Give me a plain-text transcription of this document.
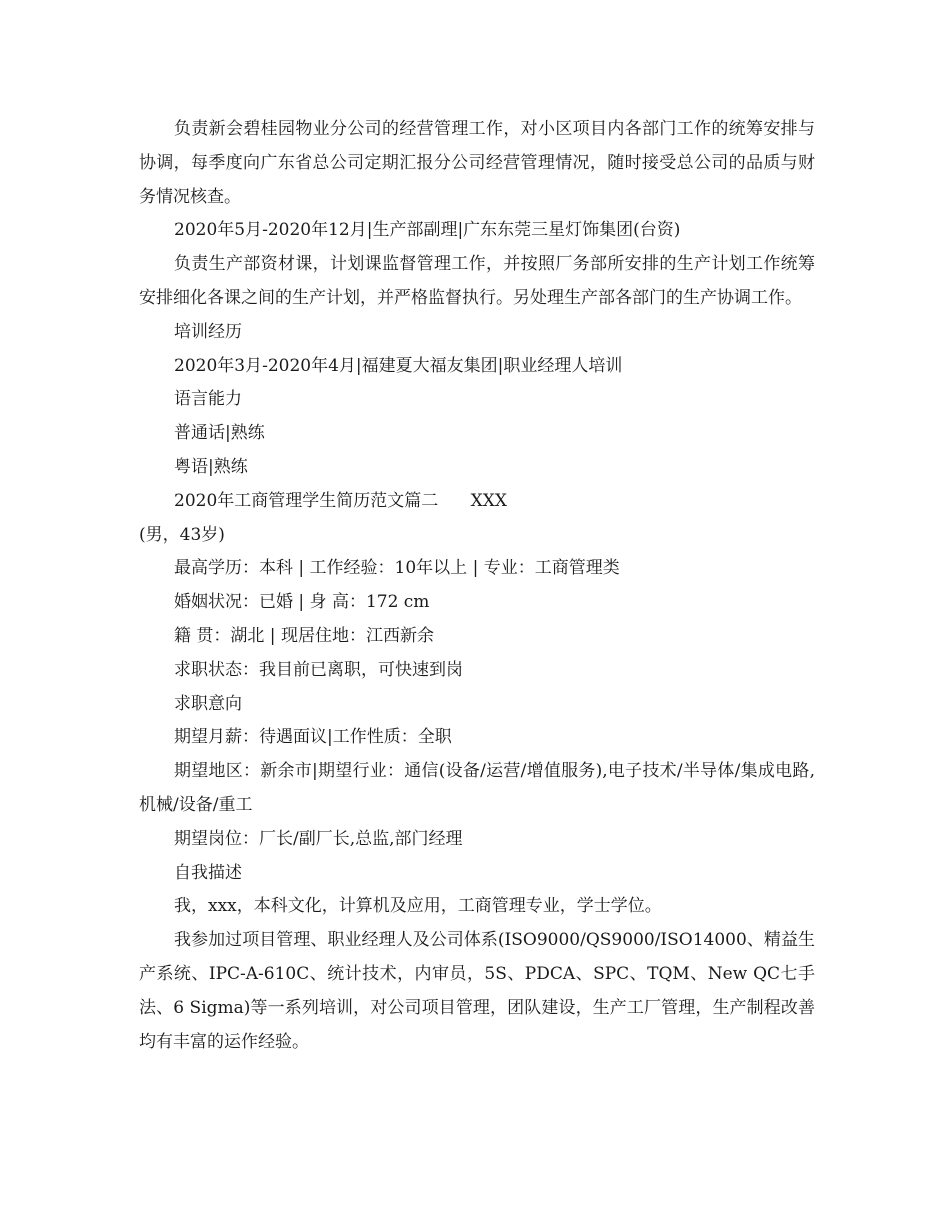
负责新会碧桂园物业分公司的经营管理工作，对小区项目内各部门工作的统筹安排与协调，每季度向广东省总公司定期汇报分公司经营管理情况，随时接受总公司的品质与财务情况核查。

2020年5月-2020年12月|生产部副理|广东东莞三星灯饰集团(台资)

负责生产部资材课，计划课监督管理工作，并按照厂务部所安排的生产计划工作统筹安排细化各课之间的生产计划，并严格监督执行。另处理生产部各部门的生产协调工作。

培训经历

2020年3月-2020年4月|福建夏大福友集团|职业经理人培训

语言能力

普通话|熟练

粤语|熟练

2020年工商管理学生简历范文篇二      XXX

(男，43岁)

最高学历：本科 | 工作经验：10年以上 | 专业：工商管理类

婚姻状况：已婚 | 身 高：172 cm

籍 贯：湖北 | 现居住地：江西新余

求职状态：我目前已离职，可快速到岗

求职意向

期望月薪：待遇面议|工作性质：全职

期望地区：新余市|期望行业：通信(设备/运营/增值服务),电子技术/半导体/集成电路,机械/设备/重工

期望岗位：厂长/副厂长,总监,部门经理

自我描述

我，xxx，本科文化，计算机及应用，工商管理专业，学士学位。

我参加过项目管理、职业经理人及公司体系(ISO9000/QS9000/ISO14000、精益生产系统、IPC-A-610C、统计技术，内审员，5S、PDCA、SPC、TQM、New QC七手法、6 Sigma)等一系列培训，对公司项目管理，团队建设，生产工厂管理，生产制程改善均有丰富的运作经验。
